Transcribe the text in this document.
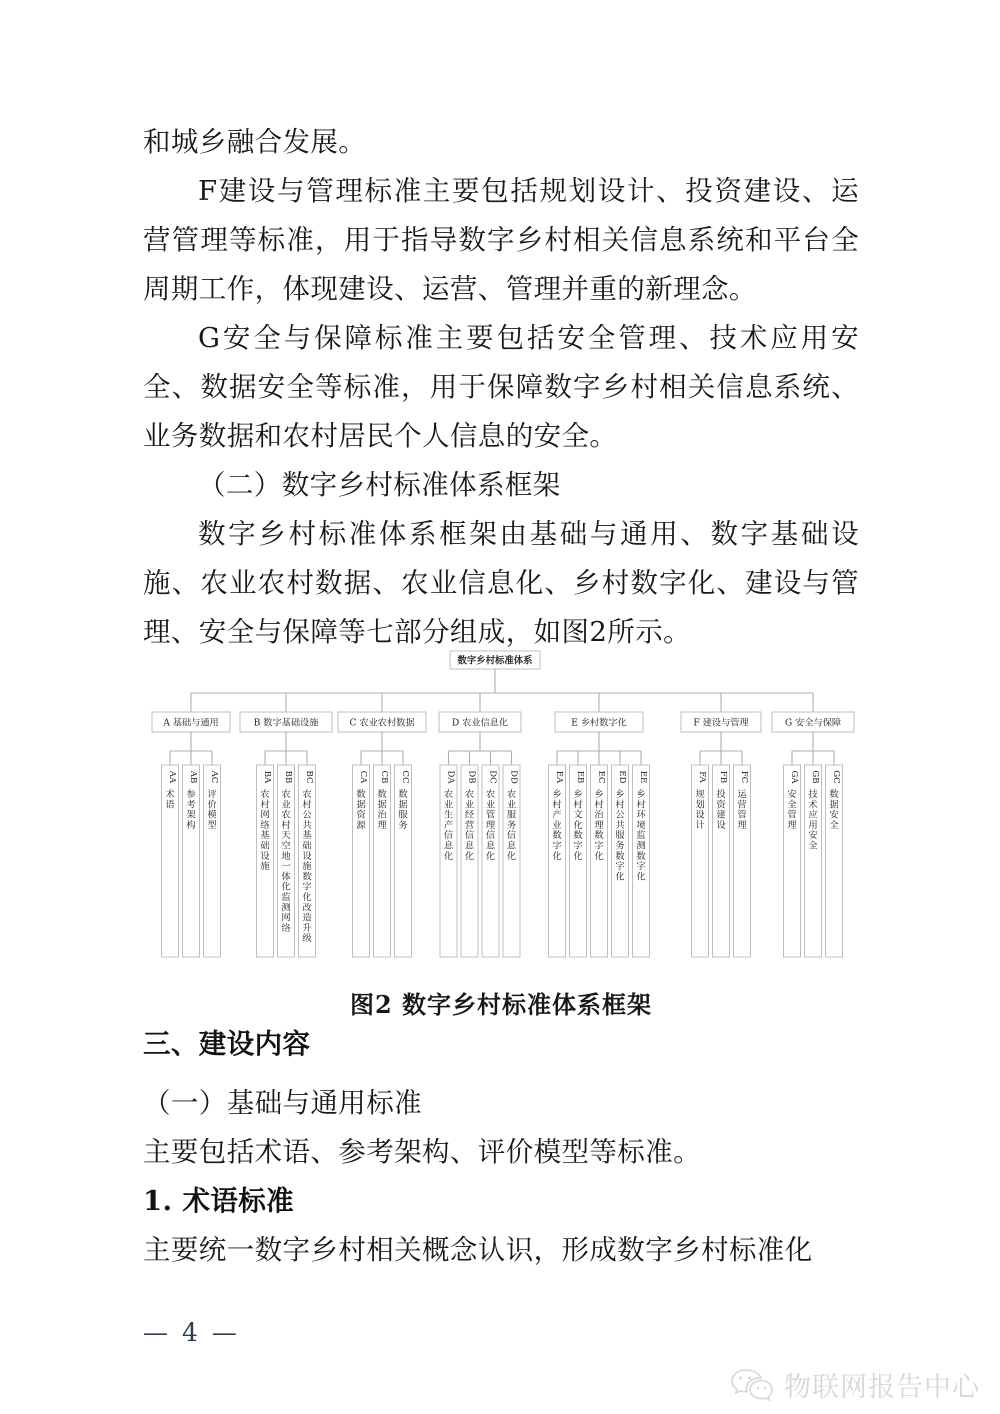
和城乡融合发展。

F建设与管理标准主要包括规划设计、投资建设、运营管理等标准，用于指导数字乡村相关信息系统和平台全周期工作，体现建设、运营、管理并重的新理念。

G安全与保障标准主要包括安全管理、技术应用安全、数据安全等标准，用于保障数字乡村相关信息系统、业务数据和农村居民个人信息的安全。

（二）数字乡村标准体系框架

数字乡村标准体系框架由基础与通用、数字基础设施、农业农村数据、农业信息化、乡村数字化、建设与管理、安全与保障等七部分组成，如图2所示。

数字乡村标准体系
A 基础与通用
AA
术
语
AB
参
考
架
构
AC
评
价
模
型
B 数字基础设施
BA
农
村
网
络
基
础
设
施
BB
农
业
农
村
天
空
地
一
体
化
监
测
网
络
BC
农
村
公
共
基
础
设
施
数
字
化
改
造
升
级
C 农业农村数据
CA
数
据
资
源
CB
数
据
治
理
CC
数
据
服
务
D 农业信息化
DA
农
业
生
产
信
息
化
DB
农
业
经
营
信
息
化
DC
农
业
管
理
信
息
化
DD
农
业
服
务
信
息
化
E 乡村数字化
EA
乡
村
产
业
数
字
化
EB
乡
村
文
化
数
字
化
EC
乡
村
治
理
数
字
化
ED
乡
村
公
共
服
务
数
字
化
EE
乡
村
环
境
监
测
数
字
化
F 建设与管理
FA
规
划
设
计
FB
投
资
建
设
FC
运
营
管
理
G 安全与保障
GA
安
全
管
理
GB
技
术
应
用
安
全
GC
数
据
安
全
图2 数字乡村标准体系框架

三、建设内容

（一）基础与通用标准

主要包括术语、参考架构、评价模型等标准。

1. 术语标准

主要统一数字乡村相关概念认识，形成数字乡村标准化

— 4 —
物联网报告中心
